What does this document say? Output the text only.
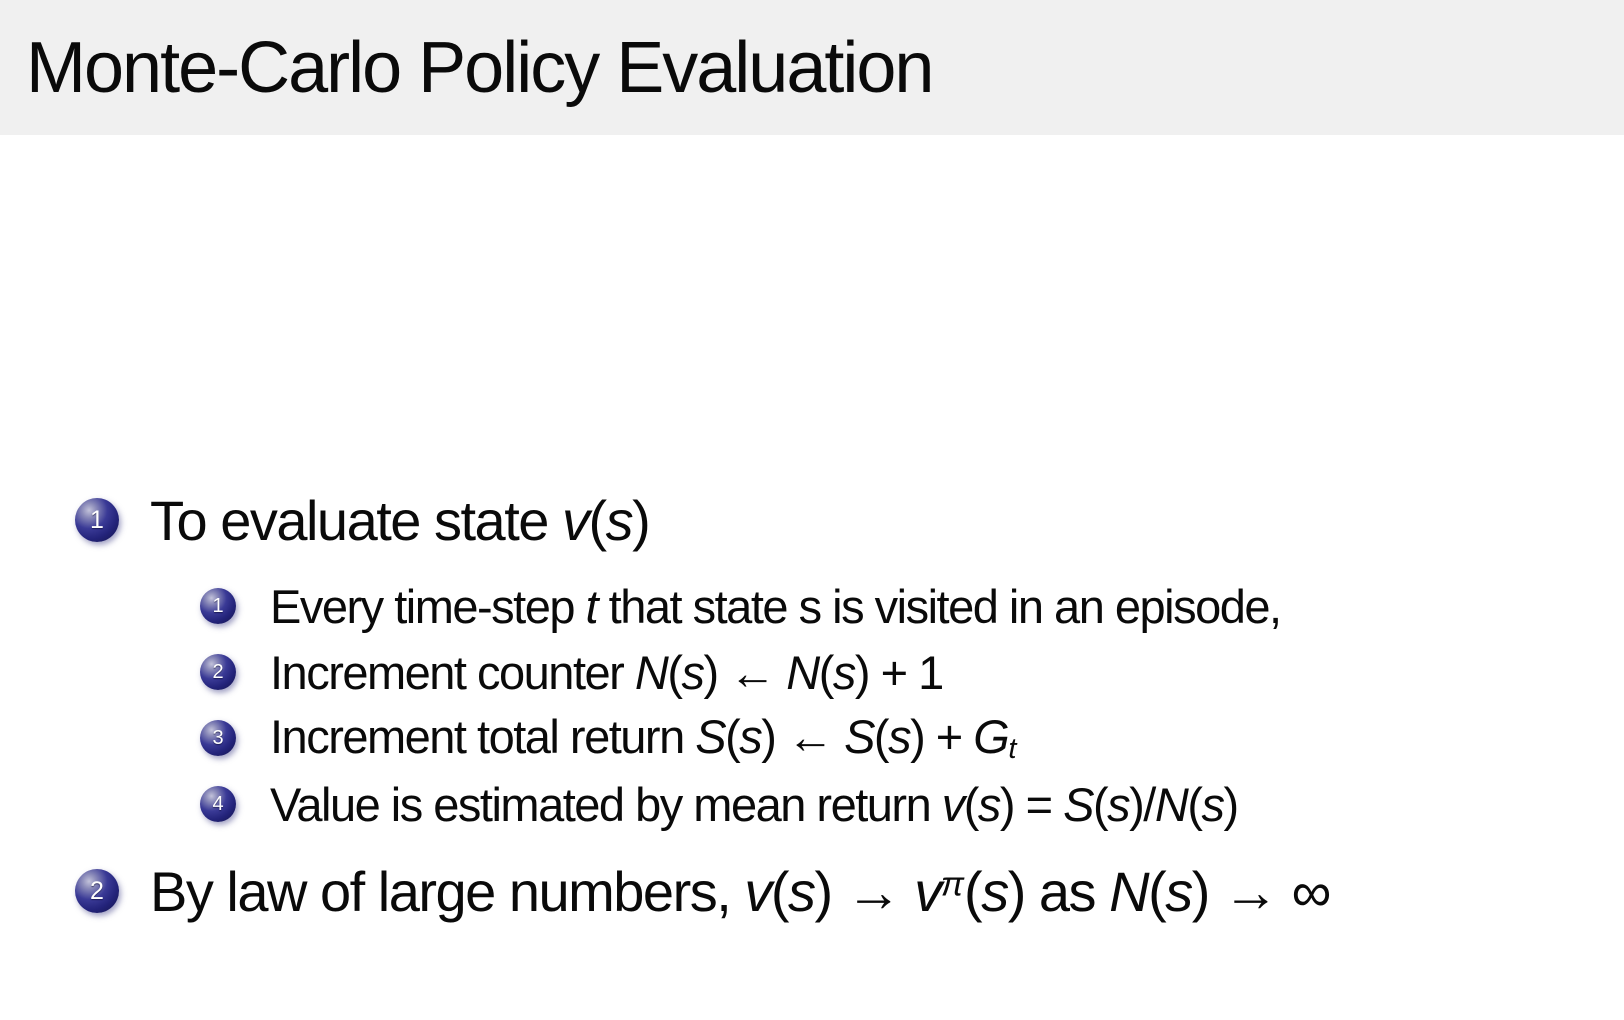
Monte-Carlo Policy Evaluation
1 To evaluate state v(s)
1 Every time-step t that state s is visited in an episode,
2 Increment counter N(s) ← N(s) + 1
3 Increment total return S(s) ← S(s) + Gt
4 Value is estimated by mean return v(s) = S(s)/N(s)
2 By law of large numbers, $v(s) \to v^\pi(s)$ as N(s) → ∞
